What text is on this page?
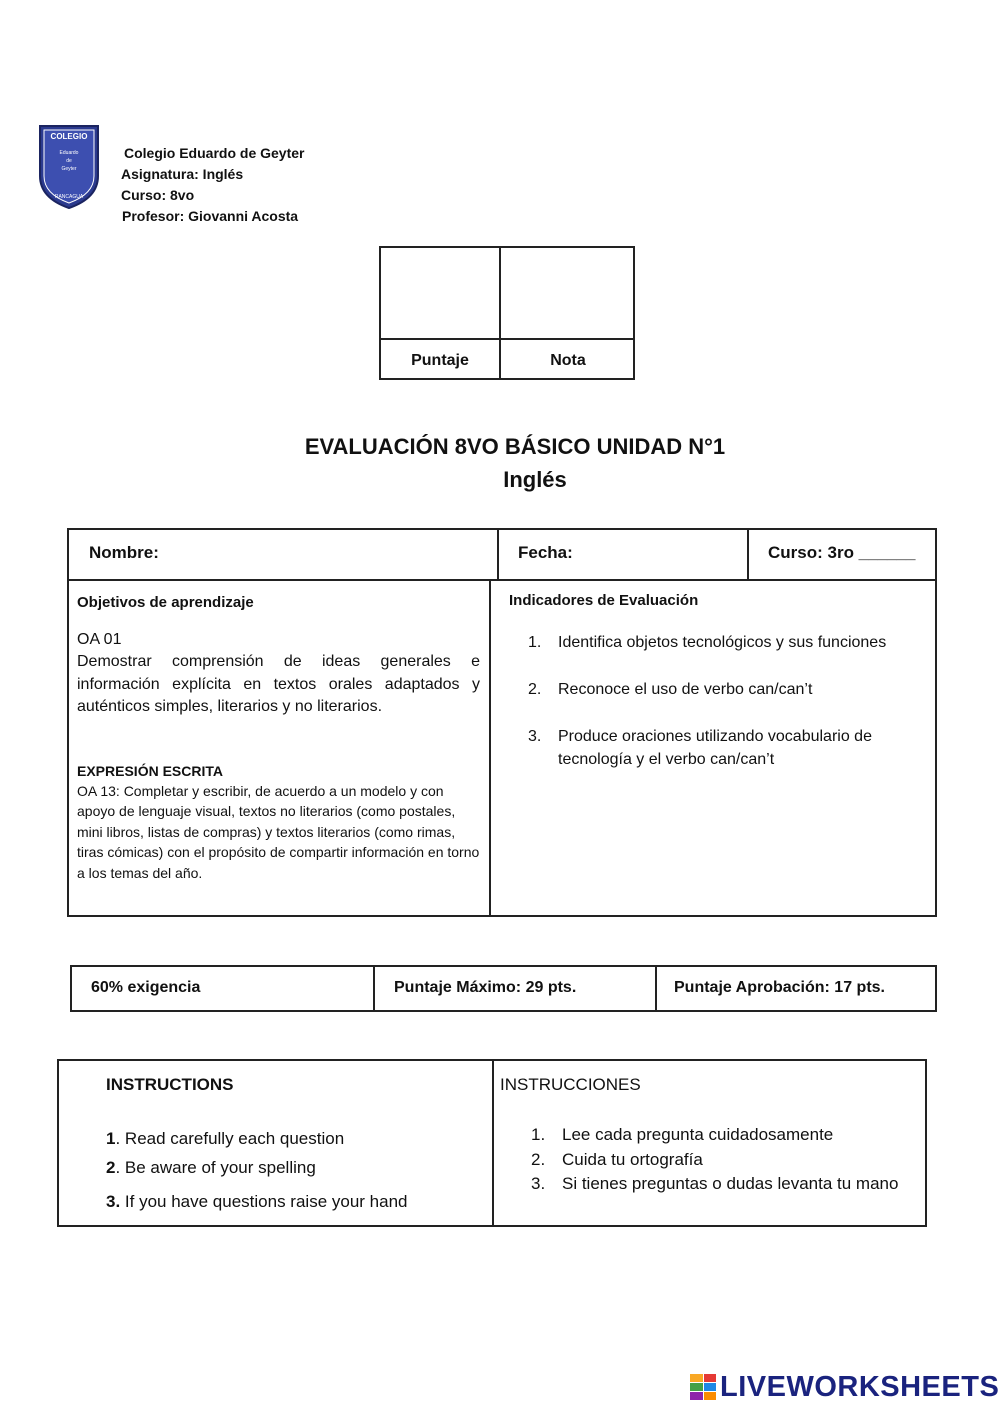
COLEGIO
Eduardo
de
Geyter
RANCAGUA
Colegio Eduardo de Geyter
Asignatura: Inglés
Curso: 8vo
Profesor: Giovanni Acosta
Puntaje	Nota
EVALUACIÓN 8VO BÁSICO UNIDAD N°1
Inglés
Nombre:	Fecha:	Curso: 3ro ______
Objetivos de aprendizaje
OA 01
Demostrar comprensión de ideas generales e información explícita en textos orales adaptados y auténticos simples, literarios y no literarios.
EXPRESIÓN ESCRITA
OA 13: Completar y escribir, de acuerdo a un modelo y con apoyo de lenguaje visual, textos no literarios (como postales, mini libros, listas de compras) y textos literarios (como rimas, tiras cómicas) con el propósito de compartir información en torno a los temas del año.
Indicadores de Evaluación
1. Identifica objetos tecnológicos y sus funciones
2. Reconoce el uso de verbo can/can’t
3. Produce oraciones utilizando vocabulario de tecnología y el verbo can/can’t
60% exigencia	Puntaje Máximo: 29 pts.	Puntaje Aprobación: 17 pts.
INSTRUCTIONS
1. Read carefully each question
2. Be aware of your spelling
3. If you have questions raise your hand
INSTRUCCIONES
1. Lee cada pregunta cuidadosamente
2. Cuida tu ortografía
3. Si tienes preguntas o dudas levanta tu mano
LIVEWORKSHEETS
